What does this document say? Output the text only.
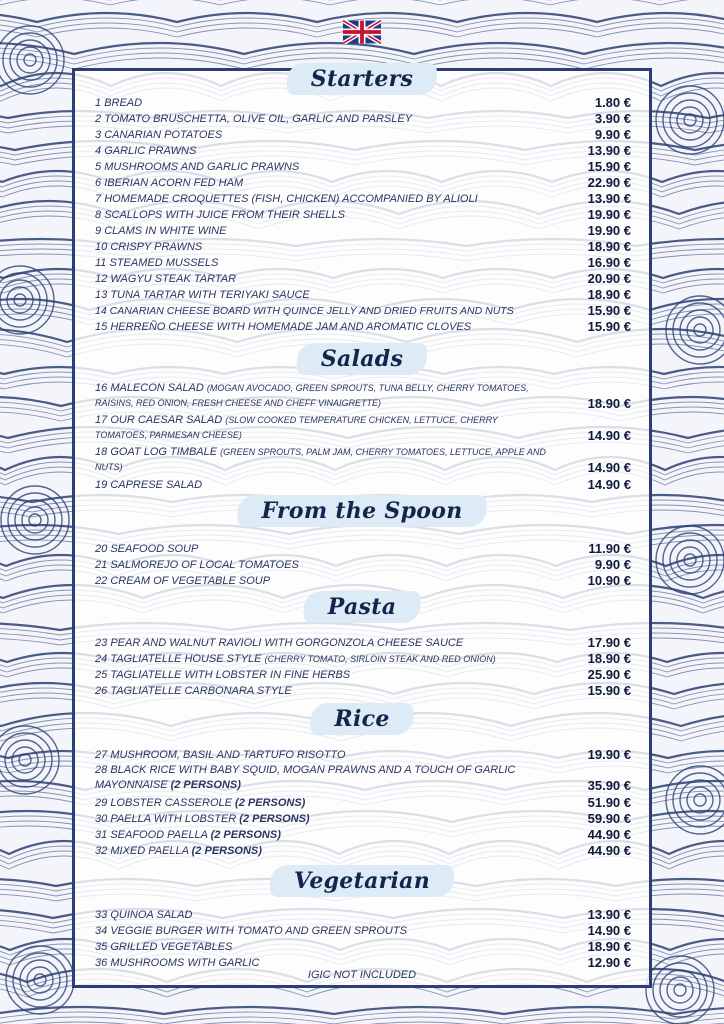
Starters
1 BREAD	1.80 €
2 TOMATO BRUSCHETTA, OLIVE OIL, GARLIC AND PARSLEY	3.90 €
3 CANARIAN POTATOES	9.90 €
4 GARLIC PRAWNS	13.90 €
5 MUSHROOMS AND GARLIC PRAWNS	15.90 €
6 IBERIAN ACORN FED HAM	22.90 €
7 HOMEMADE CROQUETTES (FISH, CHICKEN) ACCOMPANIED BY ALIOLI	13.90 €
8 SCALLOPS WITH JUICE FROM THEIR SHELLS	19.90 €
9 CLAMS IN WHITE WINE	19.90 €
10 CRISPY PRAWNS	18.90 €
11 STEAMED MUSSELS	16.90 €
12 WAGYU STEAK TARTAR	20.90 €
13 TUNA TARTAR WITH TERIYAKI SAUCE	18.90 €
14 CANARIAN CHEESE BOARD WITH QUINCE JELLY AND DRIED FRUITS AND NUTS	15.90 €
15 HERREÑO CHEESE WITH HOMEMADE JAM AND AROMATIC CLOVES	15.90 €
Salads
16 MALECON SALAD (MOGAN AVOCADO, GREEN SPROUTS, TUNA BELLY, CHERRY TOMATOES, RAISINS, RED ONION, FRESH CHEESE AND CHEFF VINAIGRETTE)	18.90 €
17 OUR CAESAR SALAD (SLOW COOKED TEMPERATURE CHICKEN, LETTUCE, CHERRY TOMATOES, PARMESAN CHEESE)	14.90 €
18 GOAT LOG TIMBALE (GREEN SPROUTS, PALM JAM, CHERRY TOMATOES, LETTUCE, APPLE AND NUTS)	14.90 €
19 CAPRESE SALAD	14.90 €
From the Spoon
20 SEAFOOD SOUP	11.90 €
21 SALMOREJO OF LOCAL TOMATOES	9.90 €
22 CREAM OF VEGETABLE SOUP	10.90 €
Pasta
23 PEAR AND WALNUT RAVIOLI WITH GORGONZOLA CHEESE SAUCE	17.90 €
24 TAGLIATELLE HOUSE STYLE (CHERRY TOMATO, SIRLOIN STEAK AND RED ONION)	18.90 €
25 TAGLIATELLE WITH LOBSTER IN FINE HERBS	25.90 €
26 TAGLIATELLE CARBONARA STYLE	15.90 €
Rice
27 MUSHROOM, BASIL AND TARTUFO RISOTTO	19.90 €
28 BLACK RICE WITH BABY SQUID, MOGAN PRAWNS AND A TOUCH OF GARLIC MAYONNAISE (2 PERSONS)	35.90 €
29 LOBSTER CASSEROLE (2 PERSONS)	51.90 €
30 PAELLA WITH LOBSTER (2 PERSONS)	59.90 €
31 SEAFOOD PAELLA (2 PERSONS)	44.90 €
32 MIXED PAELLA (2 PERSONS)	44.90 €
Vegetarian
33 QUINOA SALAD	13.90 €
34 VEGGIE BURGER WITH TOMATO AND GREEN SPROUTS	14.90 €
35 GRILLED VEGETABLES	18.90 €
36 MUSHROOMS WITH GARLIC	12.90 €
IGIC NOT INCLUDED
